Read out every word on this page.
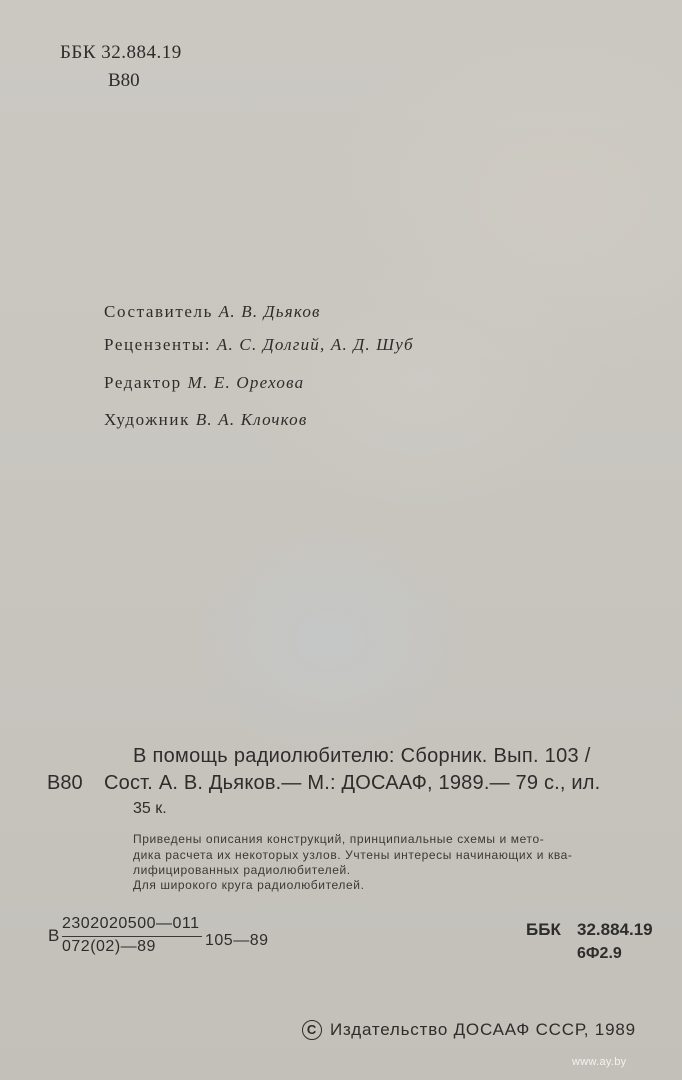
ББК 32.884.19
В80
Составитель А. В. Дьяков
Рецензенты: А. С. Долгий, А. Д. Шуб
Редактор М. Е. Орехова
Художник В. А. Клочков
В помощь радиолюбителю: Сборник. Вып. 103 /
В80 Сост. А. В. Дьяков.— М.: ДОСААФ, 1989.— 79 с., ил.
35 к.
Приведены описания конструкций, принципиальные схемы и мето-
дика расчета их некоторых узлов. Учтены интересы начинающих и ква-
лифицированных радиолюбителей.
Для широкого круга радиолюбителей.
В
2302020500—011
072(02)—89	105—89
ББК 32.884.19
6Ф2.9
C Издательство ДОСААФ СССР, 1989
www.ay.by
